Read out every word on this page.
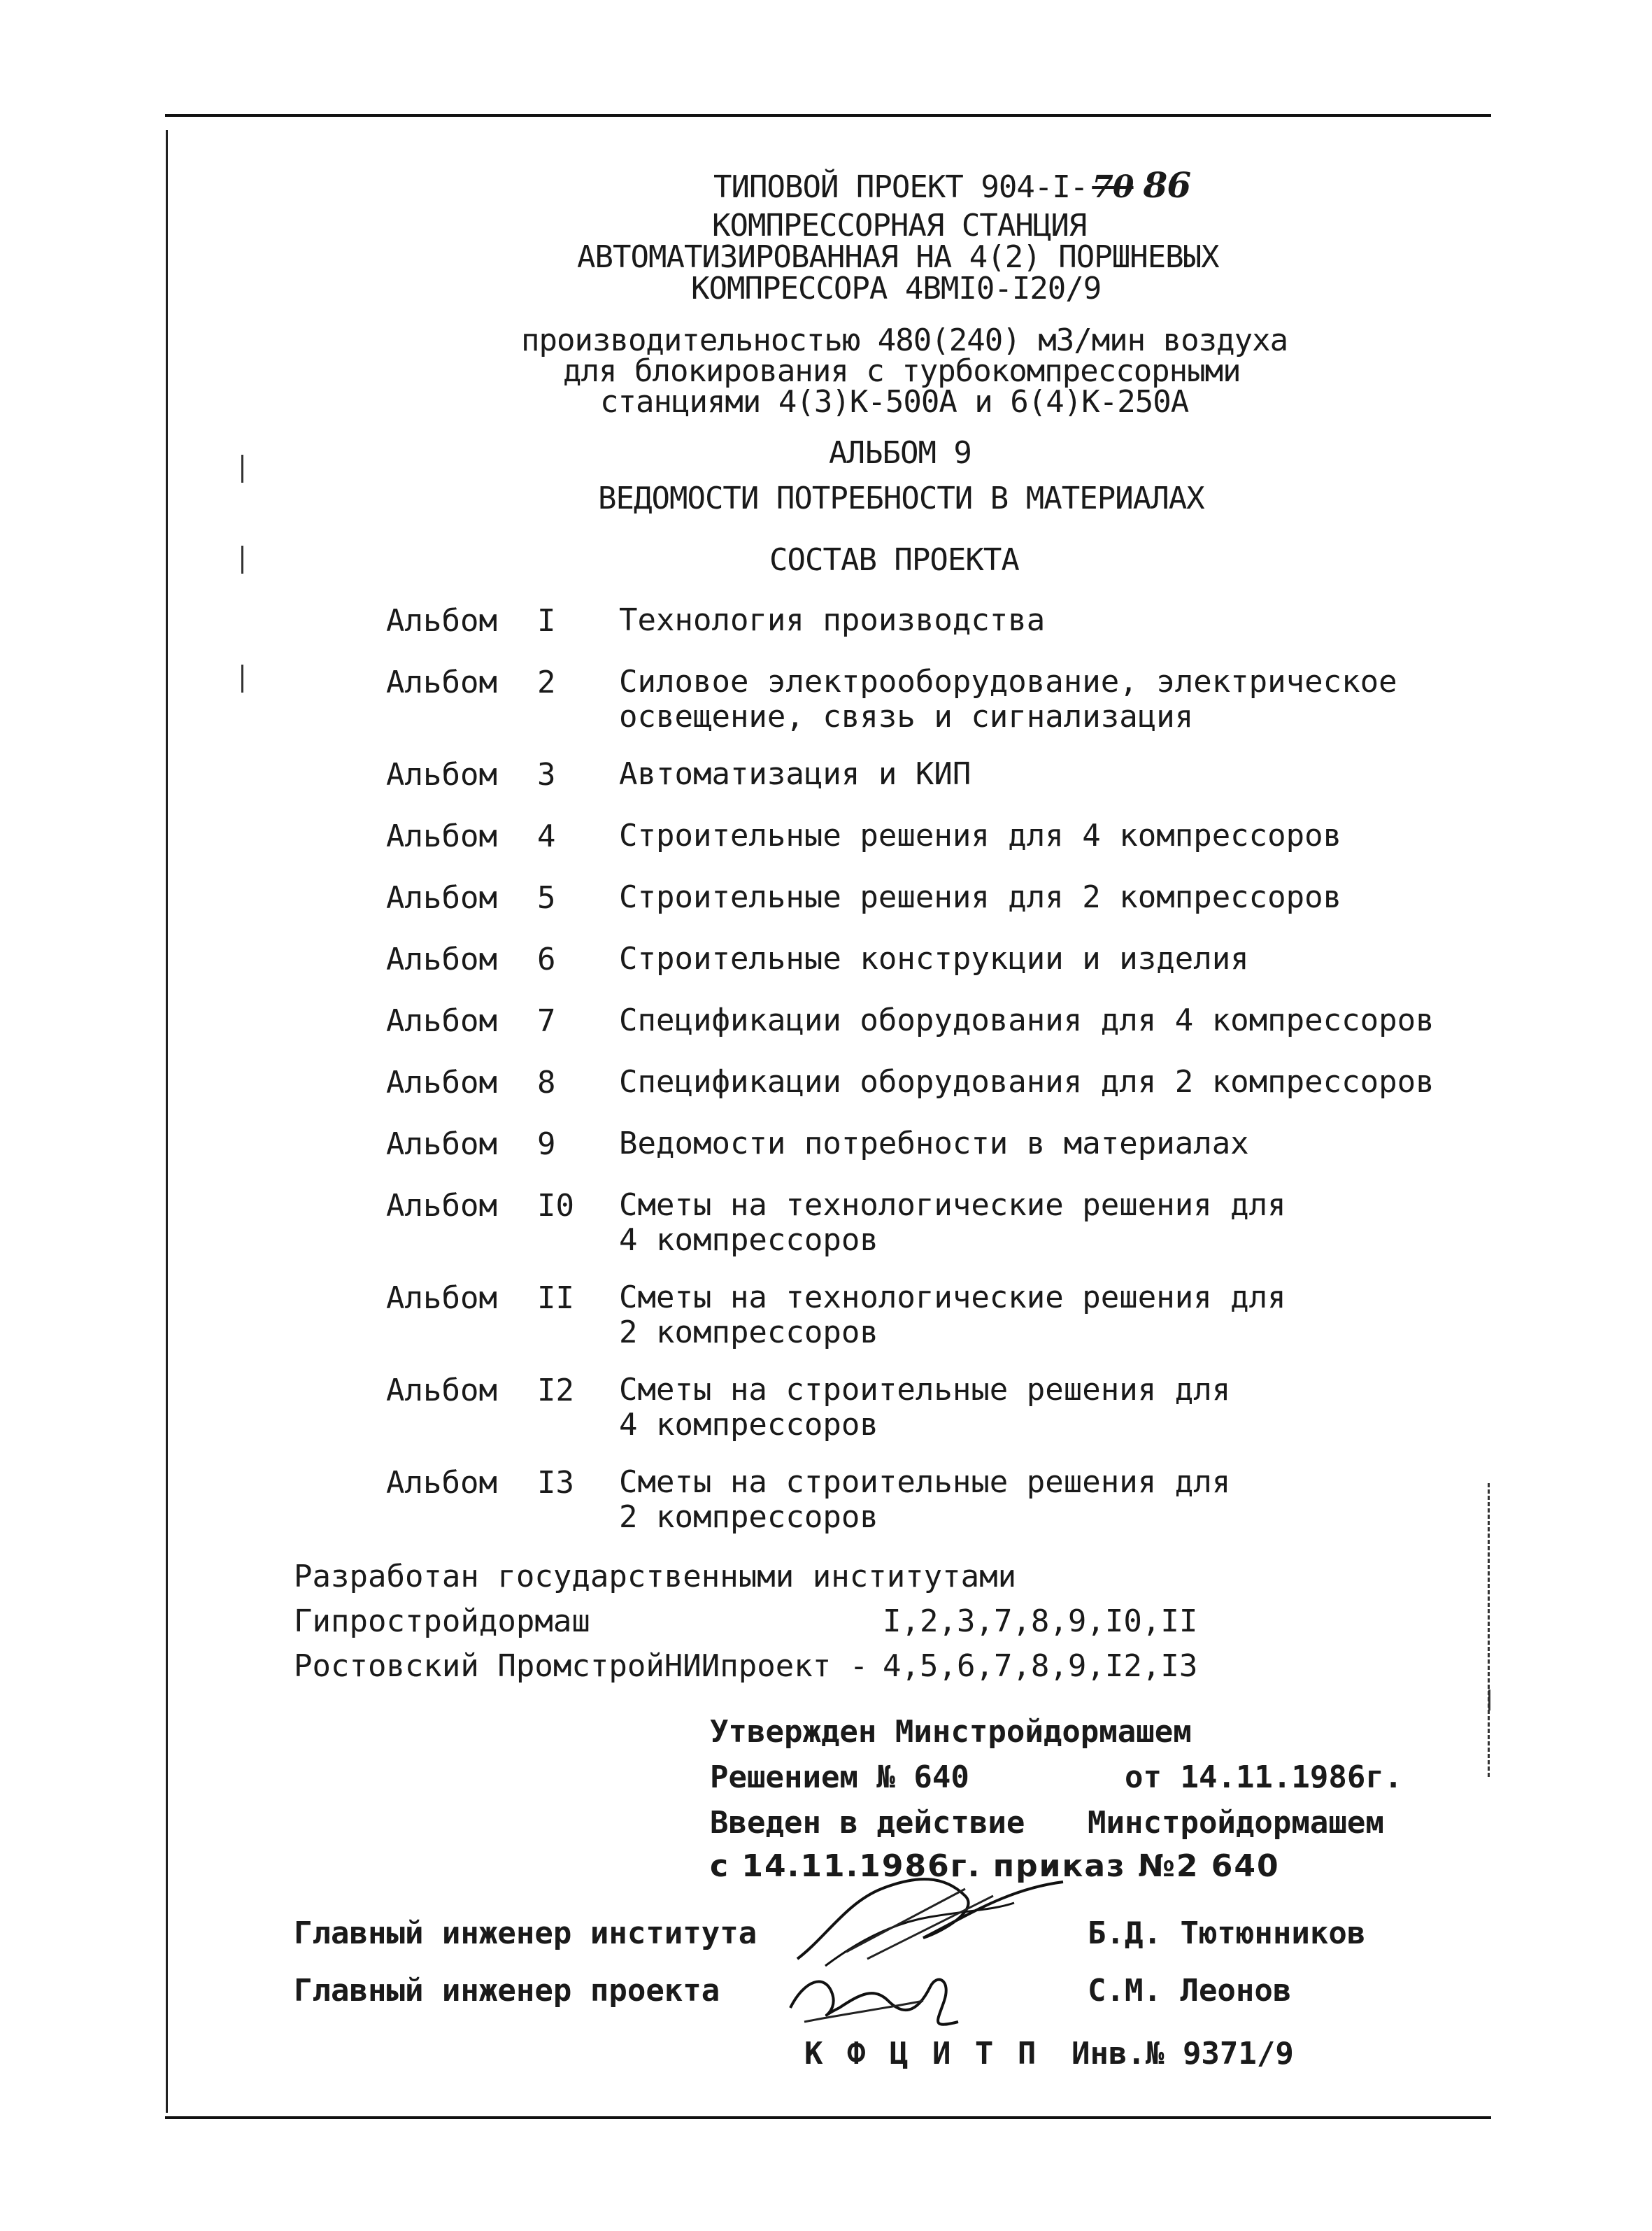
ТИПОВОЙ ПРОЕКТ 904-I- 70 86
КОМПРЕССОРНАЯ СТАНЦИЯ
АВТОМАТИЗИРОВАННАЯ НА 4(2) ПОРШНЕВЫХ
КОМПРЕССОРА 4ВМI0-I20/9
производительностью 480(240) м3/мин воздуха
для блокирования с турбокомпрессорными
станциями 4(3)К-500А и 6(4)К-250А
АЛЬБОМ 9
ВЕДОМОСТИ ПОТРЕБНОСТИ В МАТЕРИАЛАХ
СОСТАВ ПРОЕКТА
Альбом I Технология производства
Альбом 2 Силовое электрооборудование, электрическое
освещение, связь и сигнализация
Альбом 3 Автоматизация и КИП
Альбом 4 Строительные решения для 4 компрессоров
Альбом 5 Строительные решения для 2 компрессоров
Альбом 6 Строительные конструкции и изделия
Альбом 7 Спецификации оборудования для 4 компрессоров
Альбом 8 Спецификации оборудования для 2 компрессоров
Альбом 9 Ведомости потребности в материалах
Альбом I0 Сметы на технологические решения для
4 компрессоров
Альбом II Сметы на технологические решения для
2 компрессоров
Альбом I2 Сметы на строительные решения для
4 компрессоров
Альбом I3 Сметы на строительные решения для
2 компрессоров
Разработан государственными институтами
Гипростройдормаш	I,2,3,7,8,9,I0,II
Ростовский ПромстройНИИпроект - 4,5,6,7,8,9,I2,I3
Утвержден Минстройдормашем
Решением № 640	от 14.11.1986г.
Введен в действие Минстройдормашем
с 14.11.1986г. приказ №2 640
Главный инженер института	Б.Д. Тютюнников
Главный инженер проекта	С.М. Леонов
К Ф Ц И Т П Инв.№ 9371/9
